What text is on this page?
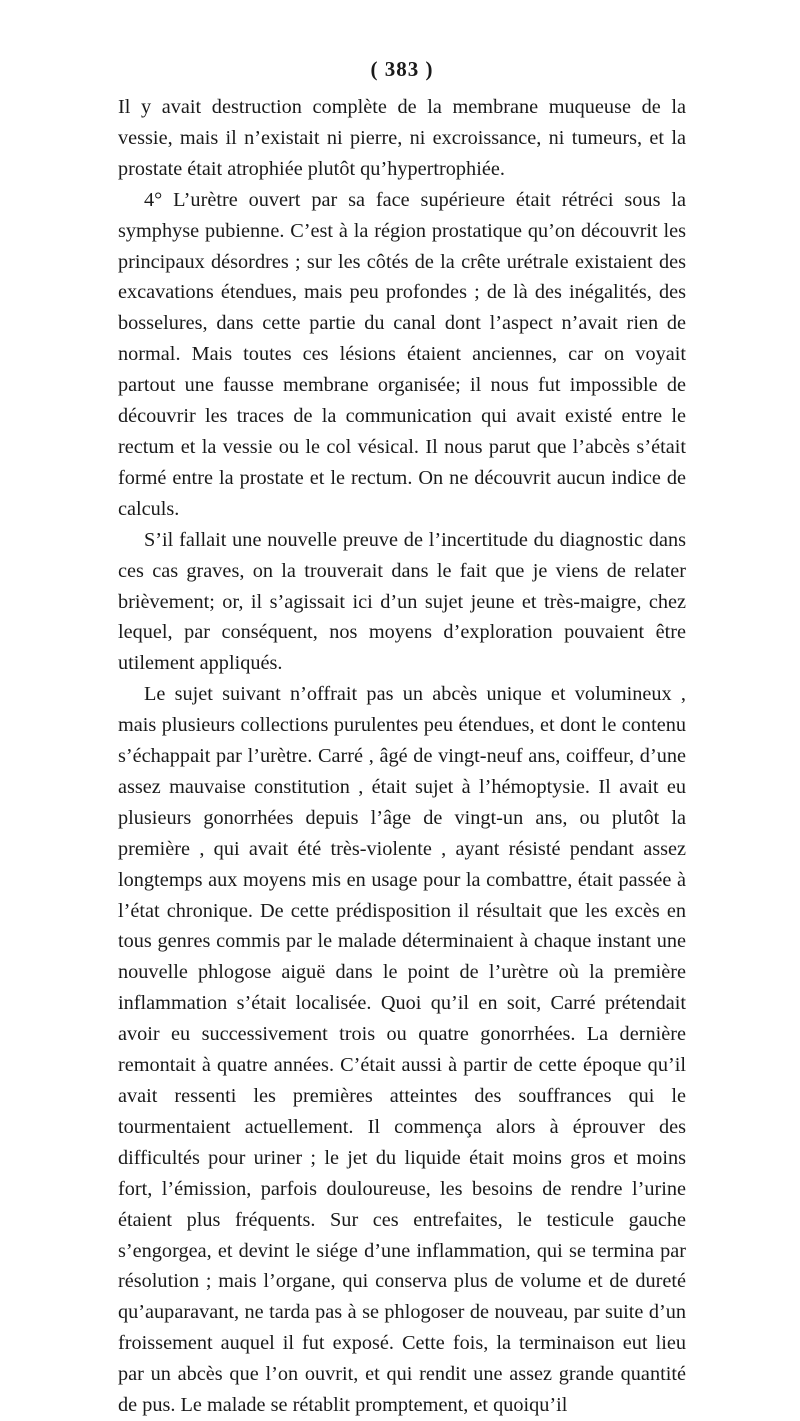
( 383 )

Il y avait destruction complète de la membrane muqueuse de la vessie, mais il n’existait ni pierre, ni excroissance, ni tumeurs, et la prostate était atrophiée plutôt qu’hypertrophiée.

4° L’urètre ouvert par sa face supérieure était rétréci sous la symphyse pubienne. C’est à la région prostatique qu’on découvrit les principaux désordres ; sur les côtés de la crête urétrale existaient des excavations étendues, mais peu profondes ; de là des inégalités, des bosselures, dans cette partie du canal dont l’aspect n’avait rien de normal. Mais toutes ces lésions étaient anciennes, car on voyait partout une fausse membrane organisée; il nous fut impossible de découvrir les traces de la communication qui avait existé entre le rectum et la vessie ou le col vésical. Il nous parut que l’abcès s’était formé entre la prostate et le rectum. On ne découvrit aucun indice de calculs.

S’il fallait une nouvelle preuve de l’incertitude du diagnostic dans ces cas graves, on la trouverait dans le fait que je viens de relater brièvement; or, il s’agissait ici d’un sujet jeune et très-maigre, chez lequel, par conséquent, nos moyens d’exploration pouvaient être utilement appliqués.

Le sujet suivant n’offrait pas un abcès unique et volumineux , mais plusieurs collections purulentes peu étendues, et dont le contenu s’échappait par l’urètre. Carré , âgé de vingt-neuf ans, coiffeur, d’une assez mauvaise constitution , était sujet à l’hémoptysie. Il avait eu plusieurs gonorrhées depuis l’âge de vingt-un ans, ou plutôt la première , qui avait été très-violente , ayant résisté pendant assez longtemps aux moyens mis en usage pour la combattre, était passée à l’état chronique. De cette prédisposition il résultait que les excès en tous genres commis par le malade déterminaient à chaque instant une nouvelle phlogose aiguë dans le point de l’urètre où la première inflammation s’était localisée. Quoi qu’il en soit, Carré prétendait avoir eu successivement trois ou quatre gonorrhées. La dernière remontait à quatre années. C’était aussi à partir de cette époque qu’il avait ressenti les premières atteintes des souffrances qui le tourmentaient actuellement. Il commença alors à éprouver des difficultés pour uriner ; le jet du liquide était moins gros et moins fort, l’émission, parfois douloureuse, les besoins de rendre l’urine étaient plus fréquents. Sur ces entrefaites, le testicule gauche s’engorgea, et devint le siége d’une inflammation, qui se termina par résolution ; mais l’organe, qui conserva plus de volume et de dureté qu’auparavant, ne tarda pas à se phlogoser de nouveau, par suite d’un froissement auquel il fut exposé. Cette fois, la terminaison eut lieu par un abcès que l’on ouvrit, et qui rendit une assez grande quantité de pus. Le malade se rétablit promptement, et quoiqu’il
